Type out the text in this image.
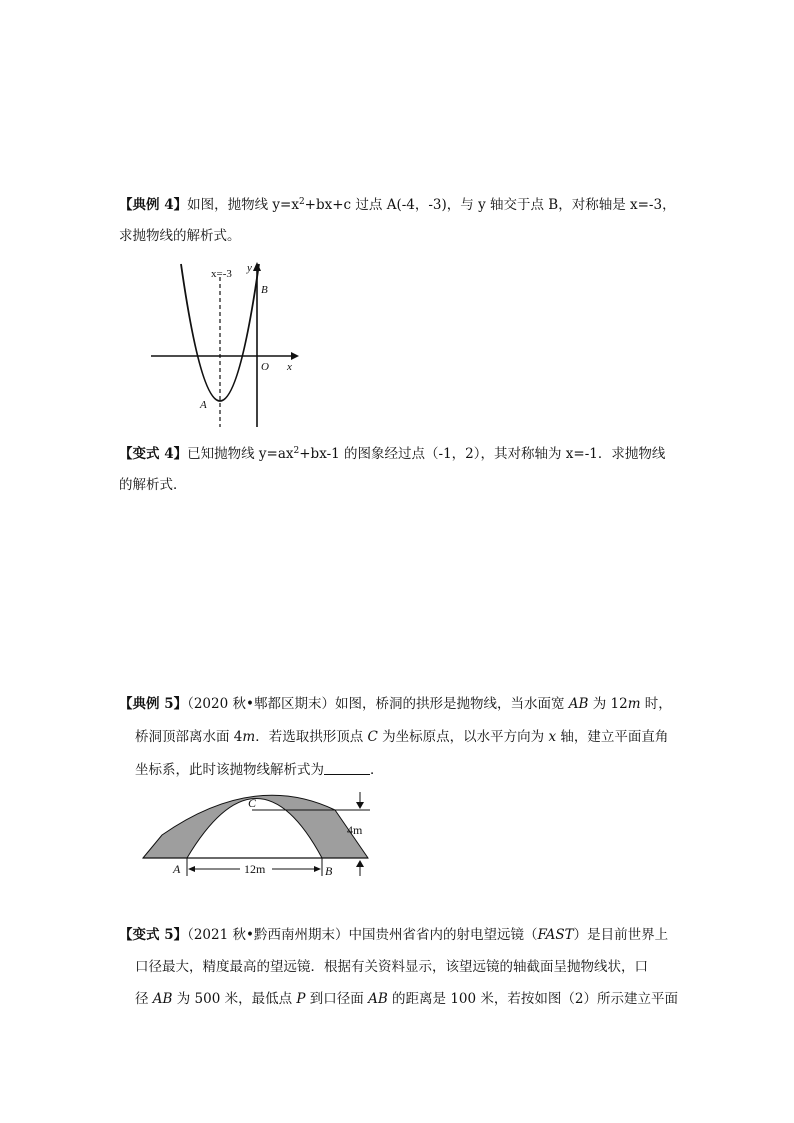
【典例 4】如图，抛物线 $y=x^2+bx+c$ 过点 A(-4，-3)，与 y 轴交于点 B，对称轴是 x=-3，
求抛物线的解析式。
x=-3 y
B
O x
A
【变式 4】已知抛物线 $y=ax^2+bx-1$ 的图象经过点（-1，2），其对称轴为 x=-1．求抛物线
的解析式．
【典例 5】（2020 秋•郫都区期末）如图，桥洞的拱形是抛物线，当水面宽 AB 为 12m 时，
桥洞顶部离水面 4m．若选取拱形顶点 C 为坐标原点，以水平方向为 x 轴，建立平面直角
坐标系，此时该抛物线解析式为	．
C
4m
A	12m	B
【变式 5】（2021 秋•黔西南州期末）中国贵州省省内的射电望远镜（FAST）是目前世界上
口径最大，精度最高的望远镜．根据有关资料显示，该望远镜的轴截面呈抛物线状，口
径 AB 为 500 米，最低点 P 到口径面 AB 的距离是 100 米，若按如图（2）所示建立平面
